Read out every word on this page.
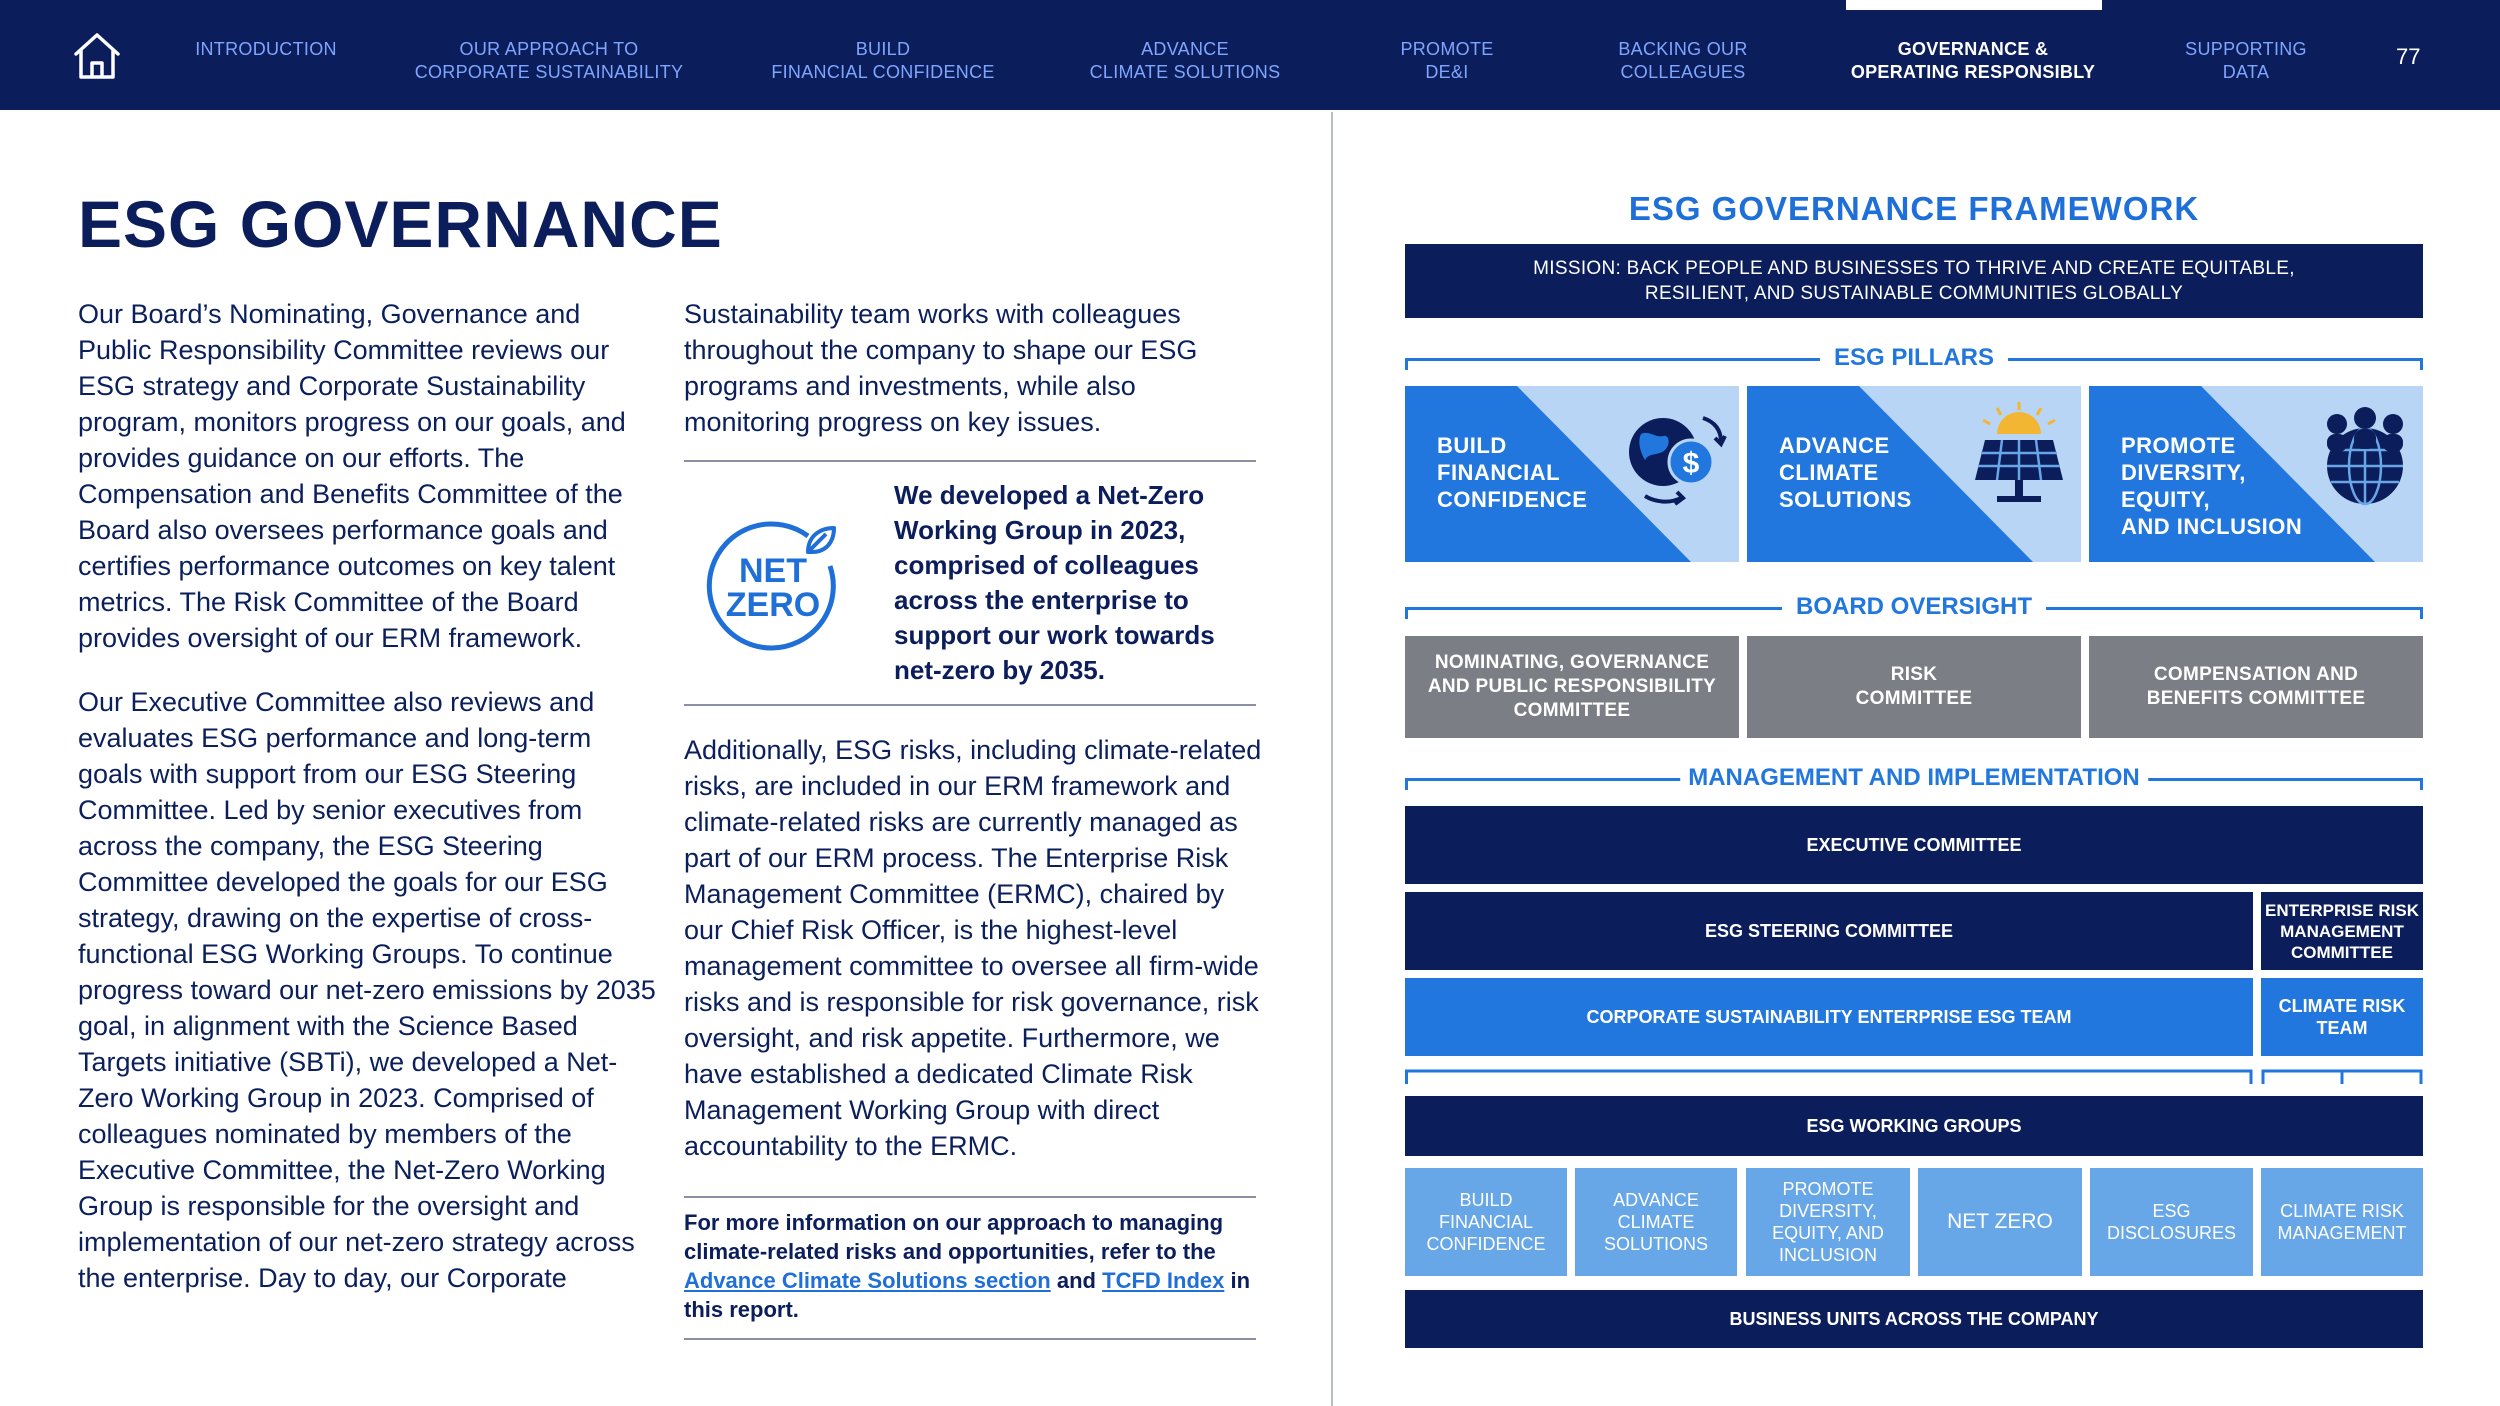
INTRODUCTION	OUR APPROACH TO
CORPORATE SUSTAINABILITY
BUILD
FINANCIAL CONFIDENCE
ADVANCE
CLIMATE SOLUTIONS
PROMOTE
DE&I
BACKING OUR
COLLEAGUES
GOVERNANCE &
OPERATING RESPONSIBLY
SUPPORTING
DATA
77
ESG GOVERNANCE

Our Board’s Nominating, Governance and Public Responsibility Committee reviews our ESG strategy and Corporate Sustainability program, monitors progress on our goals, and provides guidance on our efforts. The Compensation and Benefits Committee of the Board also oversees performance goals and certifies performance outcomes on key talent metrics. The Risk Committee of the Board provides oversight of our ERM framework.

Our Executive Committee also reviews and evaluates ESG performance and long-term goals with support from our ESG Steering Committee. Led by senior executives from across the company, the ESG Steering Committee developed the goals for our ESG strategy, drawing on the expertise of cross-functional ESG Working Groups. To continue progress toward our net-zero emissions by 2035 goal, in alignment with the Science Based Targets initiative (SBTi), we developed a Net-Zero Working Group in 2023. Comprised of colleagues nominated by members of the Executive Committee, the Net-Zero Working Group is responsible for the oversight and implementation of our net-zero strategy across the enterprise. Day to day, our Corporate

Sustainability team works with colleagues throughout the company to shape our ESG programs and investments, while also monitoring progress on key issues.

NET
ZERO
We developed a Net-Zero Working Group in 2023, comprised of colleagues across the enterprise to support our work towards net-zero by 2035.

Additionally, ESG risks, including climate-related risks, are included in our ERM framework and climate-related risks are currently managed as part of our ERM process. The Enterprise Risk Management Committee (ERMC), chaired by our Chief Risk Officer, is the highest-level management committee to oversee all firm-wide risks and is responsible for risk governance, risk oversight, and risk appetite. Furthermore, we have established a dedicated Climate Risk Management Working Group with direct accountability to the ERMC.

For more information on our approach to managing climate-related risks and opportunities, refer to the Advance Climate Solutions section and TCFD Index in this report.
ESG GOVERNANCE FRAMEWORK
MISSION: BACK PEOPLE AND BUSINESSES TO THRIVE AND CREATE EQUITABLE,
RESILIENT, AND SUSTAINABLE COMMUNITIES GLOBALLY
ESG PILLARS
BUILD
FINANCIAL
CONFIDENCE
$
ADVANCE
CLIMATE
SOLUTIONS
PROMOTE
DIVERSITY,
EQUITY,
AND INCLUSION
BOARD OVERSIGHT
NOMINATING, GOVERNANCE
AND PUBLIC RESPONSIBILITY
COMMITTEE
RISK
COMMITTEE
COMPENSATION AND
BENEFITS COMMITTEE
MANAGEMENT AND IMPLEMENTATION
EXECUTIVE COMMITTEE
ESG STEERING COMMITTEE
ENTERPRISE RISK
MANAGEMENT
COMMITTEE
CORPORATE SUSTAINABILITY ENTERPRISE ESG TEAM
CLIMATE RISK
TEAM
ESG WORKING GROUPS
BUILD
FINANCIAL
CONFIDENCE
ADVANCE
CLIMATE
SOLUTIONS
PROMOTE
DIVERSITY,
EQUITY, AND
INCLUSION
NET ZERO	ESG
DISCLOSURES
CLIMATE RISK
MANAGEMENT
BUSINESS UNITS ACROSS THE COMPANY
